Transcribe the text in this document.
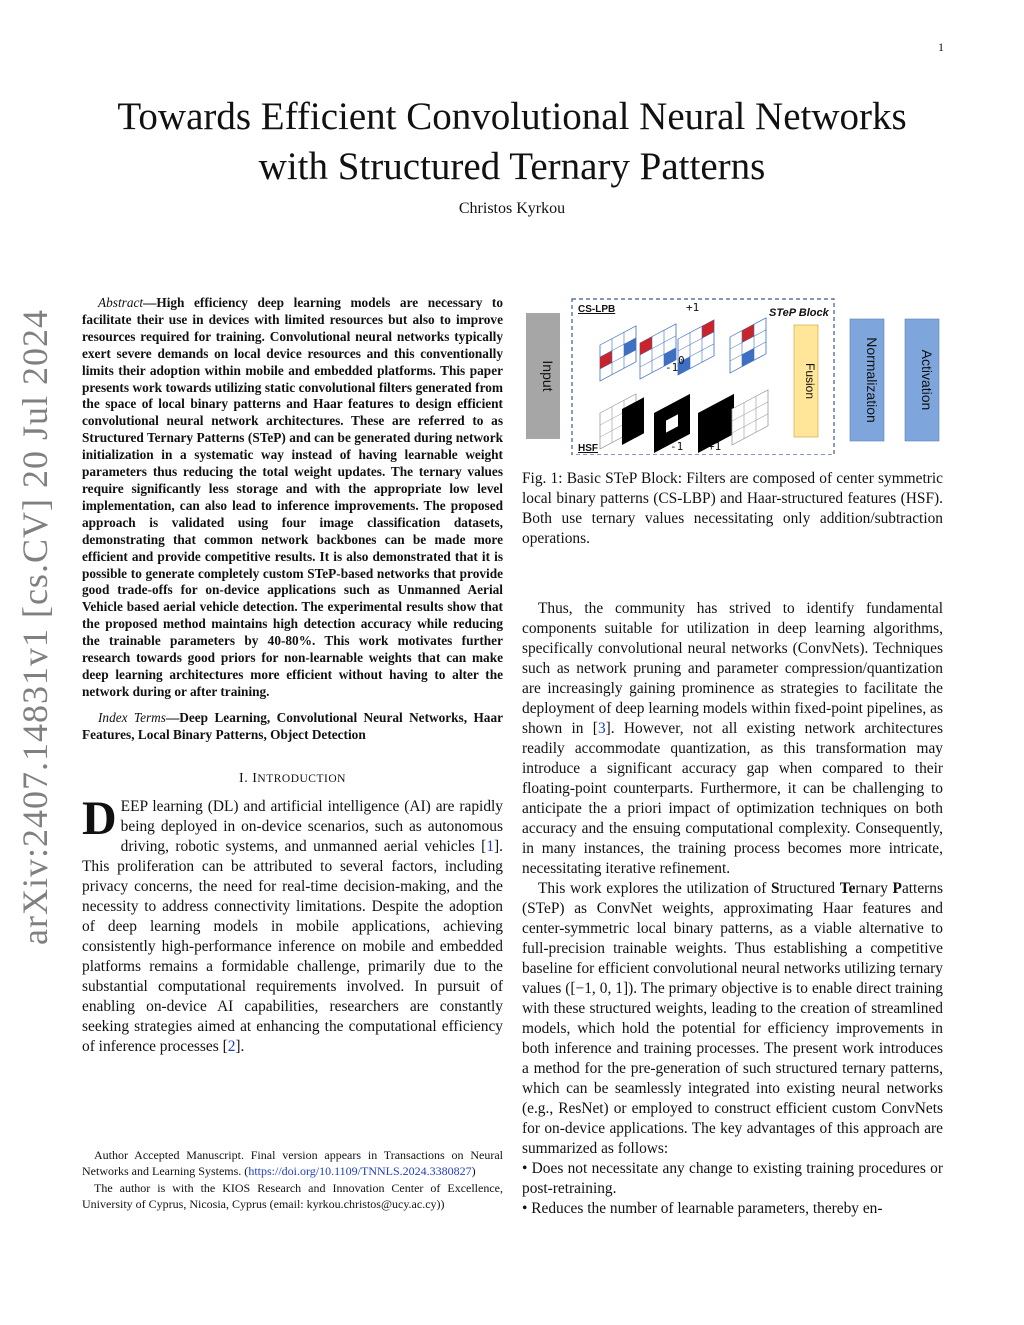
1
arXiv:2407.14831v1 [cs.CV] 20 Jul 2024
Towards Efficient Convolutional Neural Networks
with Structured Ternary Patterns
Christos Kyrkou

Abstract—High efficiency deep learning models are necessary to facilitate their use in devices with limited resources but also to improve resources required for training. Convolutional neural networks typically exert severe demands on local device resources and this conventionally limits their adoption within mobile and embedded platforms. This paper presents work towards utilizing static convolutional filters generated from the space of local binary patterns and Haar features to design efficient convolutional neural network architectures. These are referred to as Structured Ternary Patterns (STeP) and can be generated during network initialization in a systematic way instead of having learnable weight parameters thus reducing the total weight updates. The ternary values require significantly less storage and with the appropriate low level implementation, can also lead to inference improvements. The proposed approach is validated using four image classification datasets, demonstrating that common network backbones can be made more efficient and provide competitive results. It is also demonstrated that it is possible to generate completely custom STeP-based networks that provide good trade-offs for on-device applications such as Unmanned Aerial Vehicle based aerial vehicle detection. The experimental results show that the proposed method maintains high detection accuracy while reducing the trainable parameters by 40-80%. This work motivates further research towards good priors for non-learnable weights that can make deep learning architectures more efficient without having to alter the network during or after training.

Index Terms—Deep Learning, Convolutional Neural Networks, Haar Features, Local Binary Patterns, Object Detection
I. INTRODUCTION

DEEP learning (DL) and artificial intelligence (AI) are rapidly being deployed in on-device scenarios, such as autonomous driving, robotic systems, and unmanned aerial vehicles [1]. This proliferation can be attributed to several factors, including privacy concerns, the need for real-time decision-making, and the necessity to address connectivity limitations. Despite the adoption of deep learning models in mobile applications, achieving consistently high-performance inference on mobile and embedded platforms remains a formidable challenge, primarily due to the substantial computational requirements involved. In pursuit of enabling on-device AI capabilities, researchers are constantly seeking strategies aimed at enhancing the computational efficiency of inference processes [2].

Author Accepted Manuscript. Final version appears in Transactions on Neural Networks and Learning Systems. (https://doi.org/10.1109/TNNLS.2024.3380827)

The author is with the KIOS Research and Innovation Center of Excellence, University of Cyprus, Nicosia, Cyprus (email: kyrkou.christos@ucy.ac.cy))

Input
CS-LPB
HSF
STeP Block
+1
0
-1
-1 +1
Fusion	Normalization	Activation
Fig. 1: Basic STeP Block: Filters are composed of center symmetric local binary patterns (CS-LBP) and Haar-structured features (HSF). Both use ternary values necessitating only addition/subtraction operations.

Thus, the community has strived to identify fundamental components suitable for utilization in deep learning algorithms, specifically convolutional neural networks (ConvNets). Techniques such as network pruning and parameter compression/quantization are increasingly gaining prominence as strategies to facilitate the deployment of deep learning models within fixed-point pipelines, as shown in [3]. However, not all existing network architectures readily accommodate quantization, as this transformation may introduce a significant accuracy gap when compared to their floating-point counterparts. Furthermore, it can be challenging to anticipate the a priori impact of optimization techniques on both accuracy and the ensuing computational complexity. Consequently, in many instances, the training process becomes more intricate, necessitating iterative refinement.

This work explores the utilization of Structured Ternary Patterns (STeP) as ConvNet weights, approximating Haar features and center-symmetric local binary patterns, as a viable alternative to full-precision trainable weights. Thus establishing a competitive baseline for efficient convolutional neural networks utilizing ternary values ([−1, 0, 1]). The primary objective is to enable direct training with these structured weights, leading to the creation of streamlined models, which hold the potential for efficiency improvements in both inference and training processes. The present work introduces a method for the pre-generation of such structured ternary patterns, which can be seamlessly integrated into existing neural networks (e.g., ResNet) or employed to construct efficient custom ConvNets for on-device applications. The key advantages of this approach are summarized as follows:

• Does not necessitate any change to existing training procedures or post-retraining.

• Reduces the number of learnable parameters, thereby en-
